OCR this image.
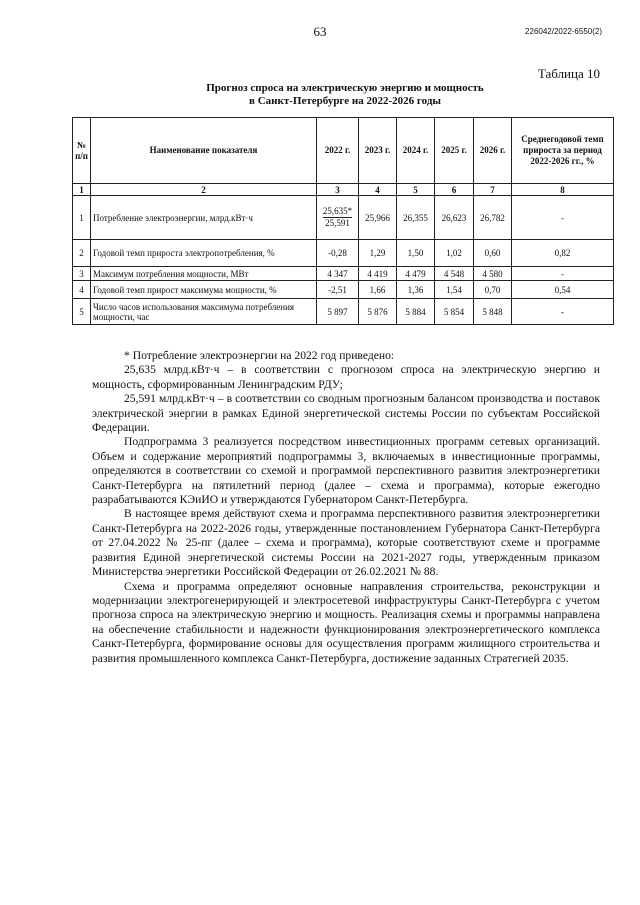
63	226042/2022-6550(2)
Таблица 10
Прогноз спроса на электрическую энергию и мощность
в Санкт-Петербурге на 2022-2026 годы
№ п/п	Наименование показателя	2022 г.	2023 г.	2024 г.	2025 г.	2026 г.	Среднегодовой темп прироста за период 2022-2026 гг., %
1	2	3	4	5	6	7	8
1	Потребление электроэнергии, млрд.кВт·ч	$\frac{25,635*}{25,591}$	25,966	26,355	26,623	26,782	-
2	Годовой темп прироста электропотребления, %	-0,28	1,29	1,50	1,02	0,60	0,82
3	Максимум потребления мощности, МВт	4 347	4 419	4 479	4 548	4 580	-
4	Годовой темп прирост максимума мощности, %	-2,51	1,66	1,36	1,54	0,70	0,54
5	Число часов использования максимума потребления мощности, час	5 897	5 876	5 884	5 854	5 848	-

* Потребление электроэнергии на 2022 год приведено:

25,635 млрд.кВт·ч – в соответствии с прогнозом спроса на электрическую энергию и мощность, сформированным Ленинградским РДУ;

25,591 млрд.кВт·ч – в соответствии со сводным прогнозным балансом производства и поставок электрической энергии в рамках Единой энергетической системы России по субъектам Российской Федерации.

Подпрограмма 3 реализуется посредством инвестиционных программ сетевых организаций. Объем и содержание мероприятий подпрограммы 3, включаемых в инвестиционные программы, определяются в соответствии со схемой и программой перспективного развития электроэнергетики Санкт-Петербурга на пятилетний период (далее – схема и программа), которые ежегодно разрабатываются КЭиИО и утверждаются Губернатором Санкт-Петербурга.

В настоящее время действуют схема и программа перспективного развития электроэнергетики Санкт-Петербурга на 2022-2026 годы, утвержденные постановлением Губернатора Санкт-Петербурга от 27.04.2022 № 25-пг (далее – схема и программа), которые соответствуют схеме и программе развития Единой энергетической системы России на 2021-2027 годы, утвержденным приказом Министерства энергетики Российской Федерации от 26.02.2021 № 88.

Схема и программа определяют основные направления строительства, реконструкции и модернизации электрогенерирующей и электросетевой инфраструктуры Санкт-Петербурга с учетом прогноза спроса на электрическую энергию и мощность. Реализация схемы и программы направлена на обеспечение стабильности и надежности функционирования электроэнергетического комплекса Санкт-Петербурга, формирование основы для осуществления программ жилищного строительства и развития промышленного комплекса Санкт-Петербурга, достижение заданных Стратегией 2035.
